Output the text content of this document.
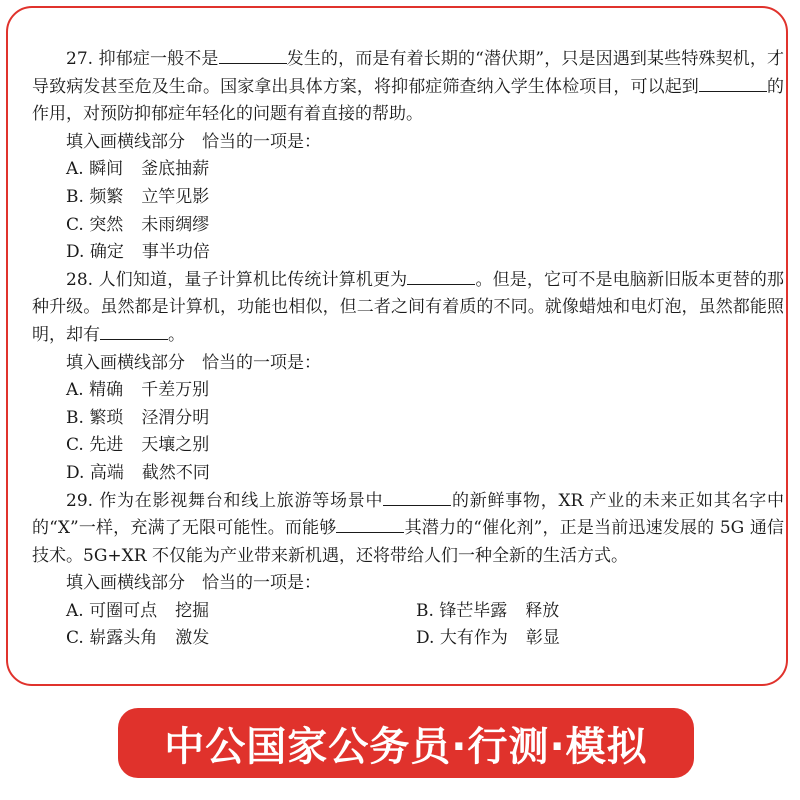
27. 抑郁症一般不是	发生的，而是有着长期的“潜伏期”，只是因遇到某些特殊契机，才导致病发甚至危及生命。国家拿出具体方案，将抑郁症筛查纳入学生体检项目，可以起到	的作用，对预防抑郁症年轻化的问题有着直接的帮助。

填入画横线部分　恰当的一项是：

A. 瞬间 釜底抽薪

B. 频繁 立竿见影

C. 突然 未雨绸缪

D. 确定 事半功倍

28. 人们知道，量子计算机比传统计算机更为	。但是，它可不是电脑新旧版本更替的那种升级。虽然都是计算机，功能也相似，但二者之间有着质的不同。就像蜡烛和电灯泡，虽然都能照明，却有	。

填入画横线部分　恰当的一项是：

A. 精确 千差万别

B. 繁琐 泾渭分明

C. 先进 天壤之别

D. 高端 截然不同

29. 作为在影视舞台和线上旅游等场景中	的新鲜事物，XR 产业的未来正如其名字中的“X”一样，充满了无限可能性。而能够	其潜力的“催化剂”，正是当前迅速发展的 5G 通信技术。5G+XR 不仅能为产业带来新机遇，还将带给人们一种全新的生活方式。

填入画横线部分　恰当的一项是：

A. 可圈可点 挖掘	B. 锋芒毕露 释放
C. 崭露头角 激发	D. 大有作为 彰显
中公国家公务员·行测·模拟
